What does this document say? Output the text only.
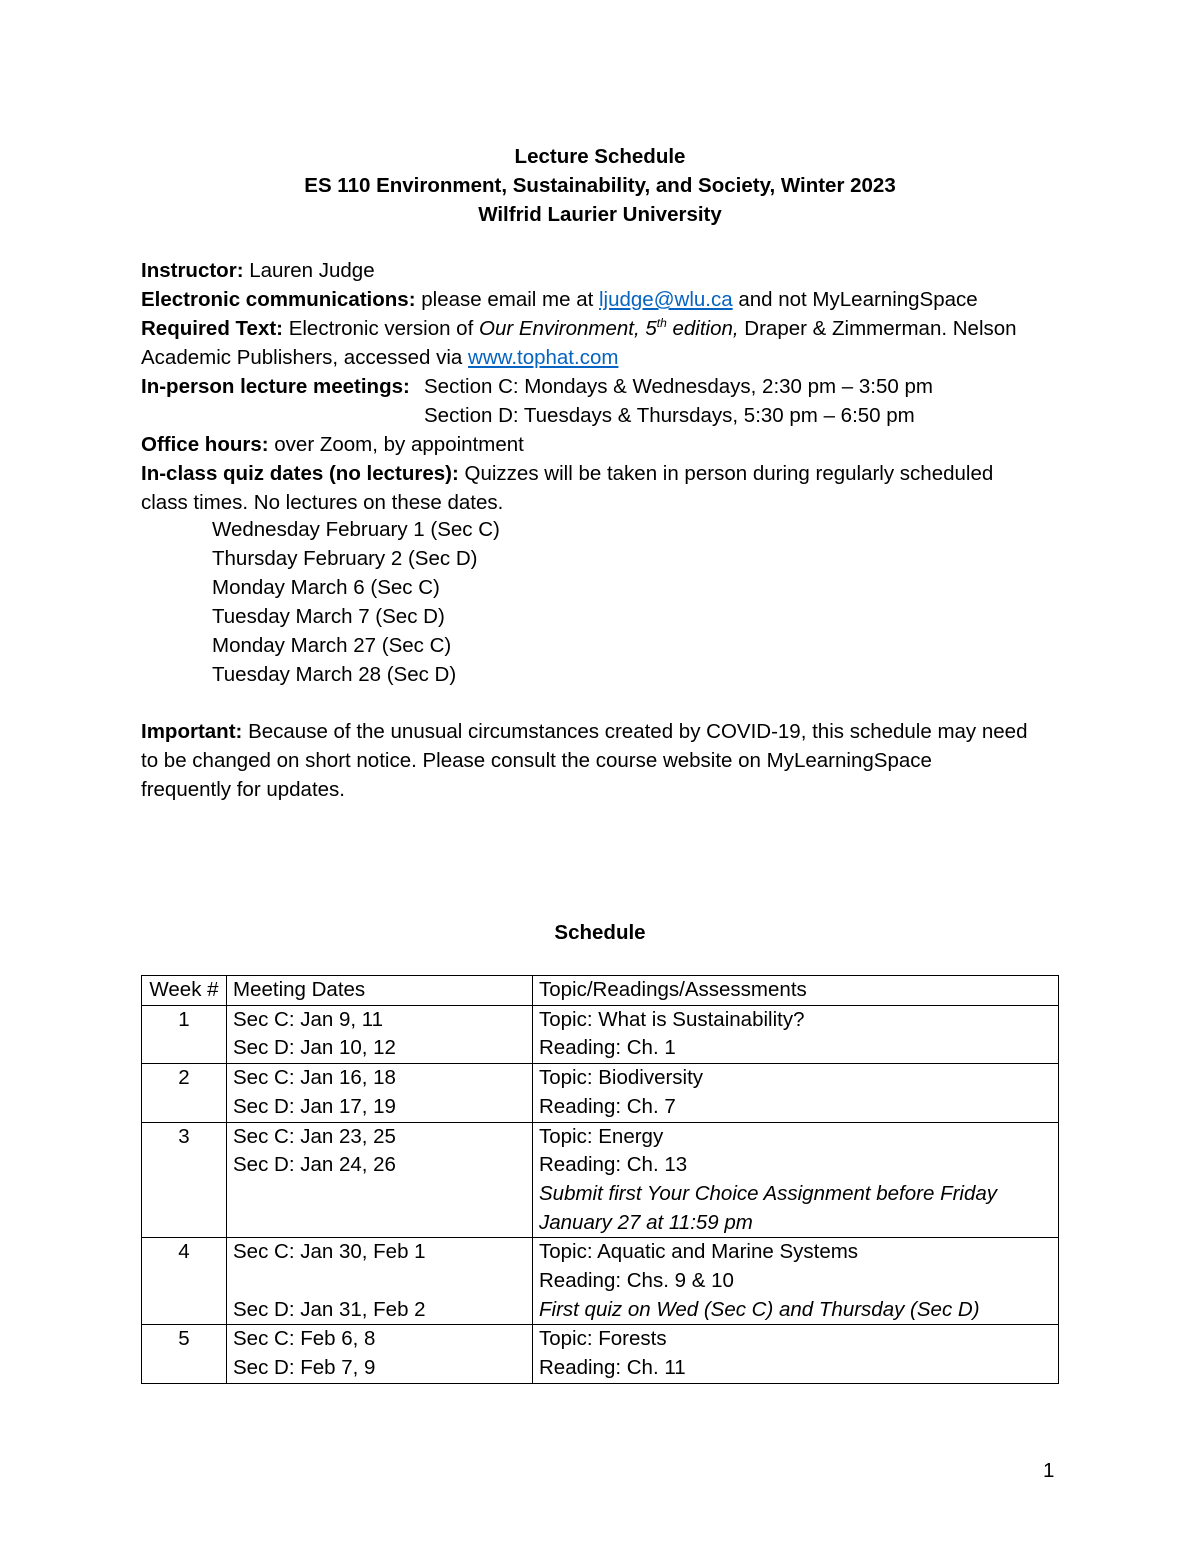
Lecture Schedule
ES 110 Environment, Sustainability, and Society, Winter 2023
Wilfrid Laurier University
Instructor: Lauren Judge
Electronic communications: please email me at ljudge@wlu.ca and not MyLearningSpace
Required Text: Electronic version of Our Environment, 5th edition, Draper & Zimmerman. Nelson
Academic Publishers, accessed via www.tophat.com
In-person lecture meetings: Section C: Mondays & Wednesdays, 2:30 pm – 3:50 pm
Section D: Tuesdays & Thursdays, 5:30 pm – 6:50 pm
Office hours: over Zoom, by appointment
In-class quiz dates (no lectures): Quizzes will be taken in person during regularly scheduled
class times. No lectures on these dates.
Wednesday February 1 (Sec C)
Thursday February 2 (Sec D)
Monday March 6 (Sec C)
Tuesday March 7 (Sec D)
Monday March 27 (Sec C)
Tuesday March 28 (Sec D)
Important: Because of the unusual circumstances created by COVID-19, this schedule may need
to be changed on short notice. Please consult the course website on MyLearningSpace
frequently for updates.
Schedule
Week #	Meeting Dates	Topic/Readings/Assessments
1	Sec C: Jan 9, 11
Sec D: Jan 10, 12	Topic: What is Sustainability?
Reading: Ch. 1

2	Sec C: Jan 16, 18
Sec D: Jan 17, 19	Topic: Biodiversity
Reading: Ch. 7

3	Sec C: Jan 23, 25
Sec D: Jan 24, 26	Topic: Energy
Reading: Ch. 13
Submit first Your Choice Assignment before Friday
January 27 at 11:59 pm

4	Sec C: Jan 30, Feb 1

Sec D: Jan 31, Feb 2	Topic: Aquatic and Marine Systems
Reading: Chs. 9 & 10
First quiz on Wed (Sec C) and Thursday (Sec D)

5	Sec C: Feb 6, 8
Sec D: Feb 7, 9	Topic: Forests
Reading: Ch. 11
1
